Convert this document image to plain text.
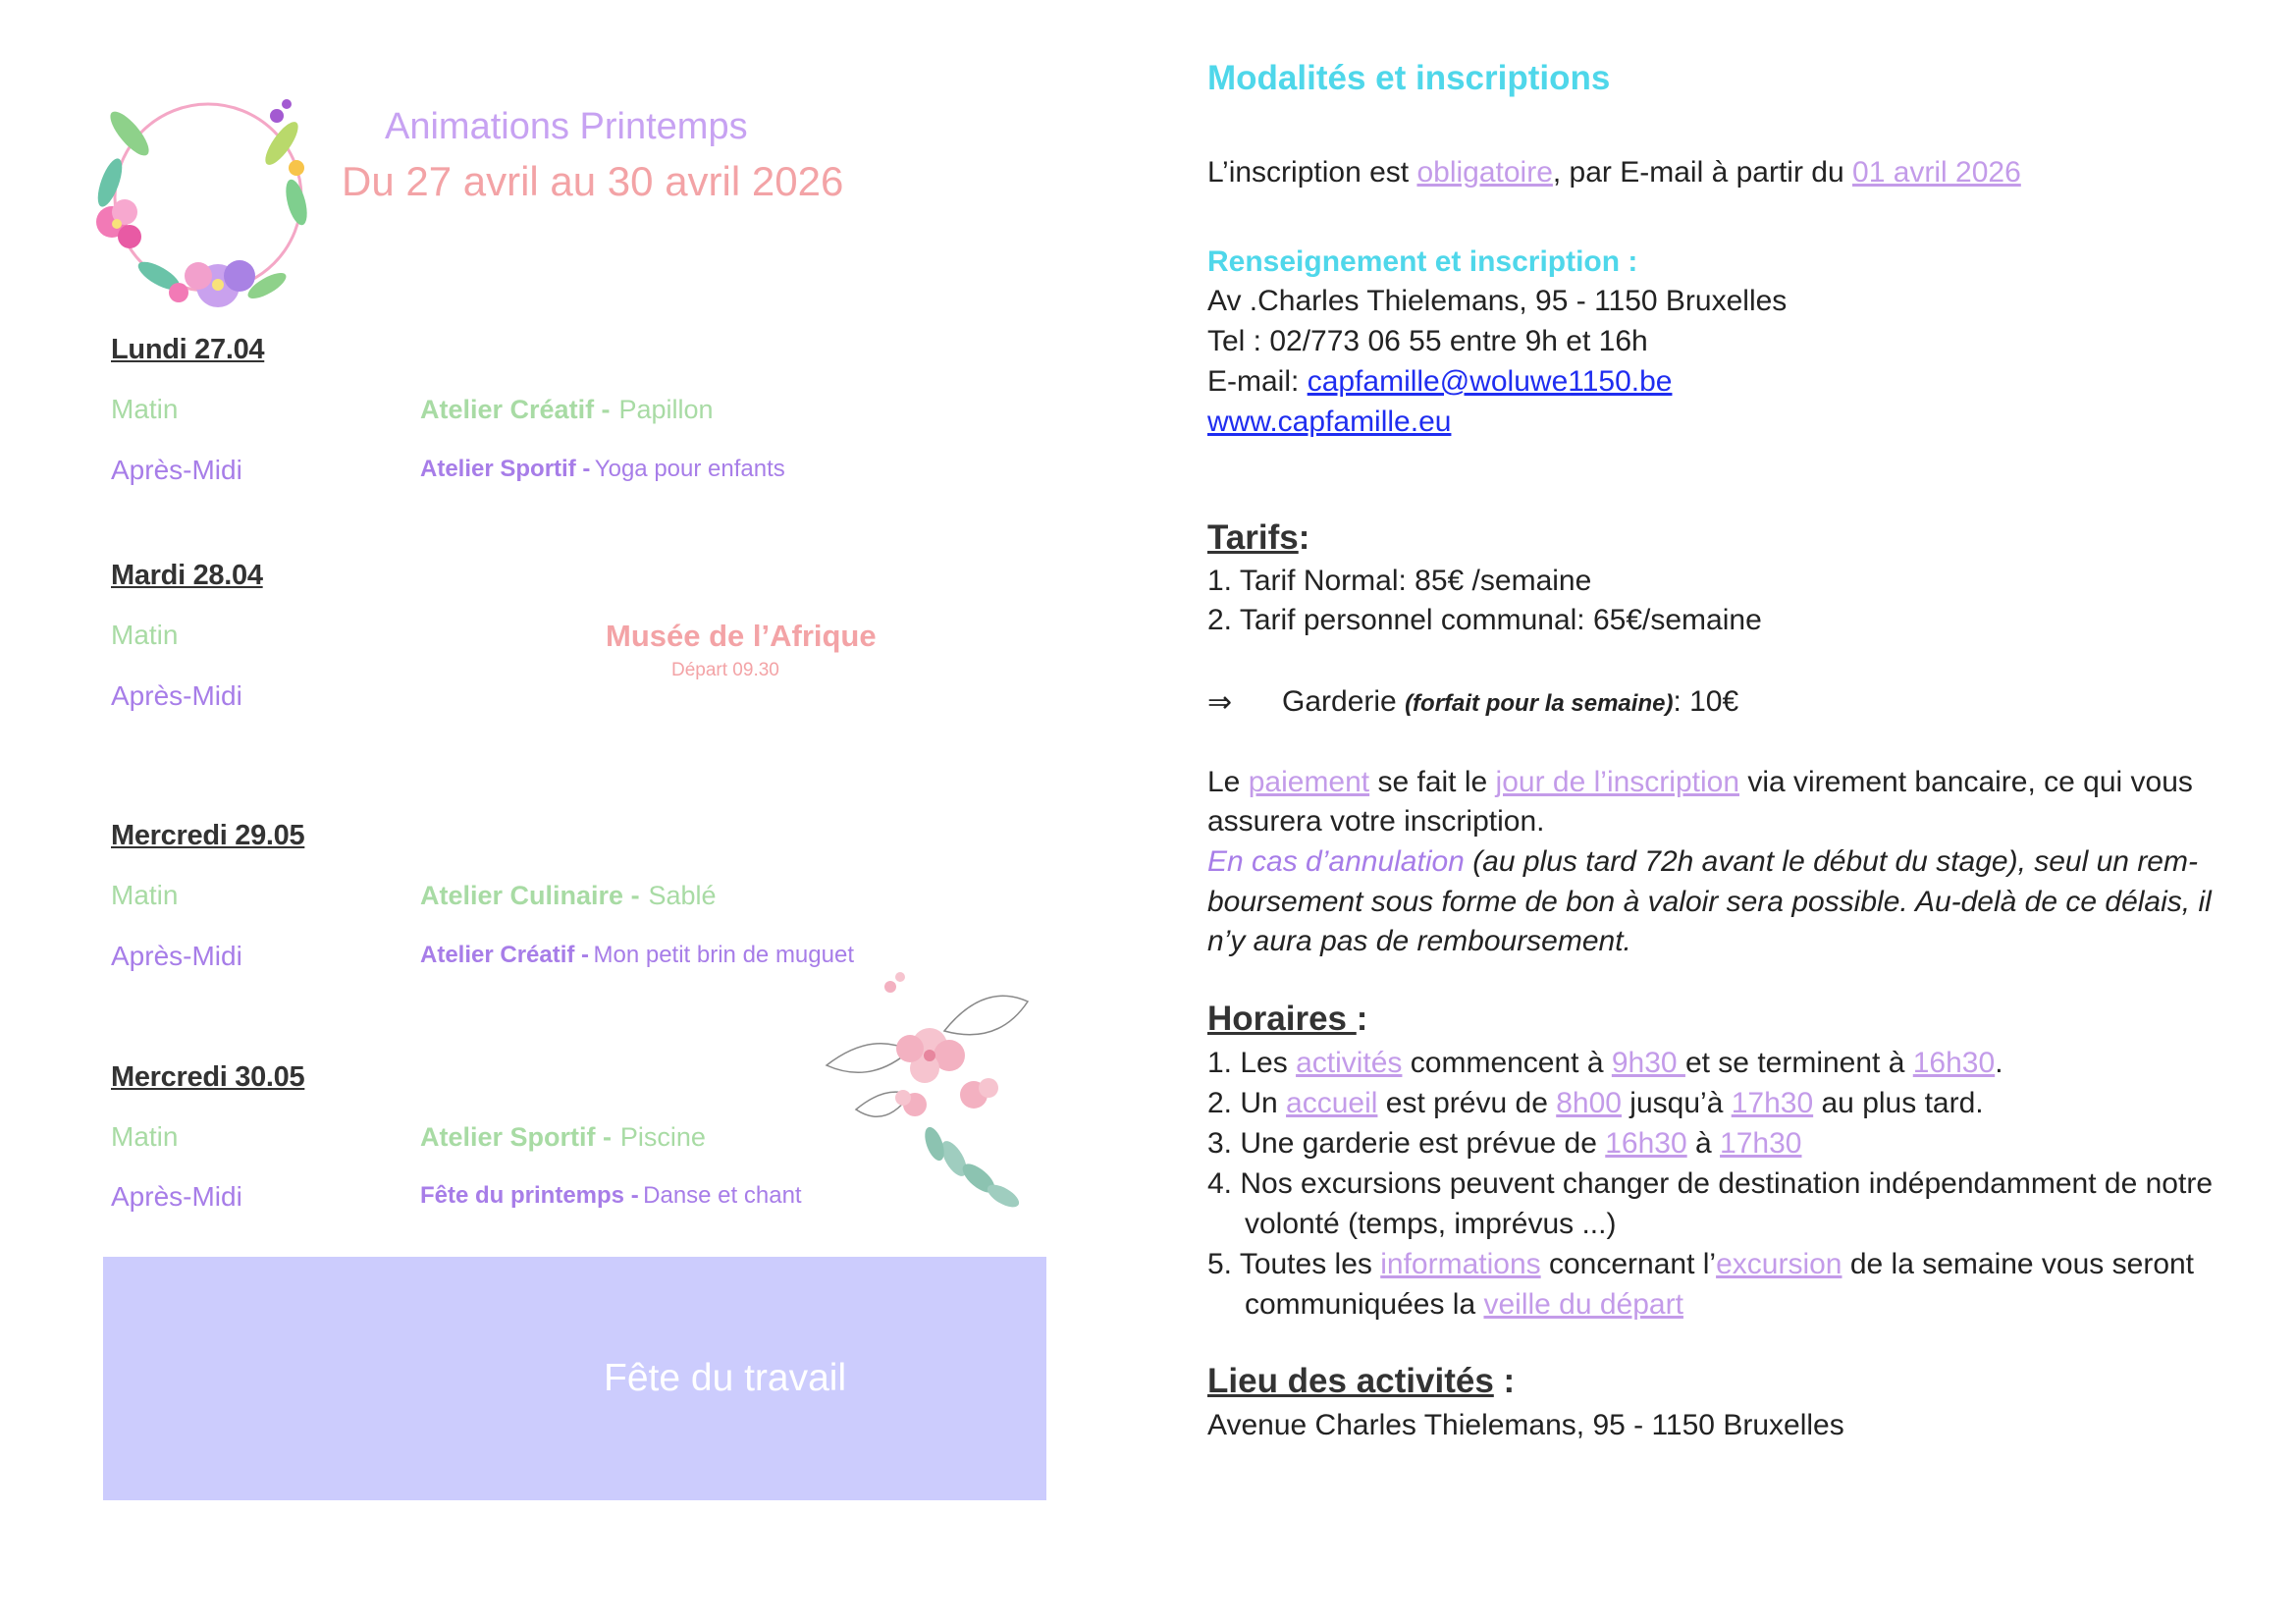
Animations Printemps
Du 27 avril au 30 avril 2026
Lundi 27.04
Matin	Atelier Créatif - Papillon
Après-Midi	Atelier Sportif - Yoga pour enfants
Mardi 28.04
Matin
Après-Midi
Musée de l’Afrique
Départ 09.30
Mercredi 29.05
Matin	Atelier Culinaire - Sablé
Après-Midi	Atelier Créatif - Mon petit brin de muguet
Mercredi 30.05
Matin	Atelier Sportif - Piscine
Après-Midi	Fête du printemps - Danse et chant
Fête du travail
Modalités et inscriptions
L’inscription est obligatoire, par E-mail à partir du 01 avril 2026
Renseignement et inscription :
Av .Charles Thielemans, 95 - 1150 Bruxelles
Tel : 02/773 06 55 entre 9h et 16h
E-mail: capfamille@woluwe1150.be
www.capfamille.eu
Tarifs:
1. Tarif Normal: 85€ /semaine
2. Tarif personnel communal: 65€/semaine
⇒ Garderie (forfait pour la semaine): 10€
Le paiement se fait le jour de l’inscription via virement bancaire, ce qui vous
assurera votre inscription.
En cas d’annulation (au plus tard 72h avant le début du stage), seul un rem-
boursement sous forme de bon à valoir sera possible. Au-delà de ce délais, il
n’y aura pas de remboursement.
Horaires :
1. Les activités commencent à 9h30 et se terminent à 16h30.
2. Un accueil est prévu de 8h00 jusqu’à 17h30 au plus tard.
3. Une garderie est prévue de 16h30 à 17h30
4. Nos excursions peuvent changer de destination indépendamment de notre
volonté (temps, imprévus ...)
5. Toutes les informations concernant l’excursion de la semaine vous seront
communiquées la veille du départ
Lieu des activités :
Avenue Charles Thielemans, 95 - 1150 Bruxelles
